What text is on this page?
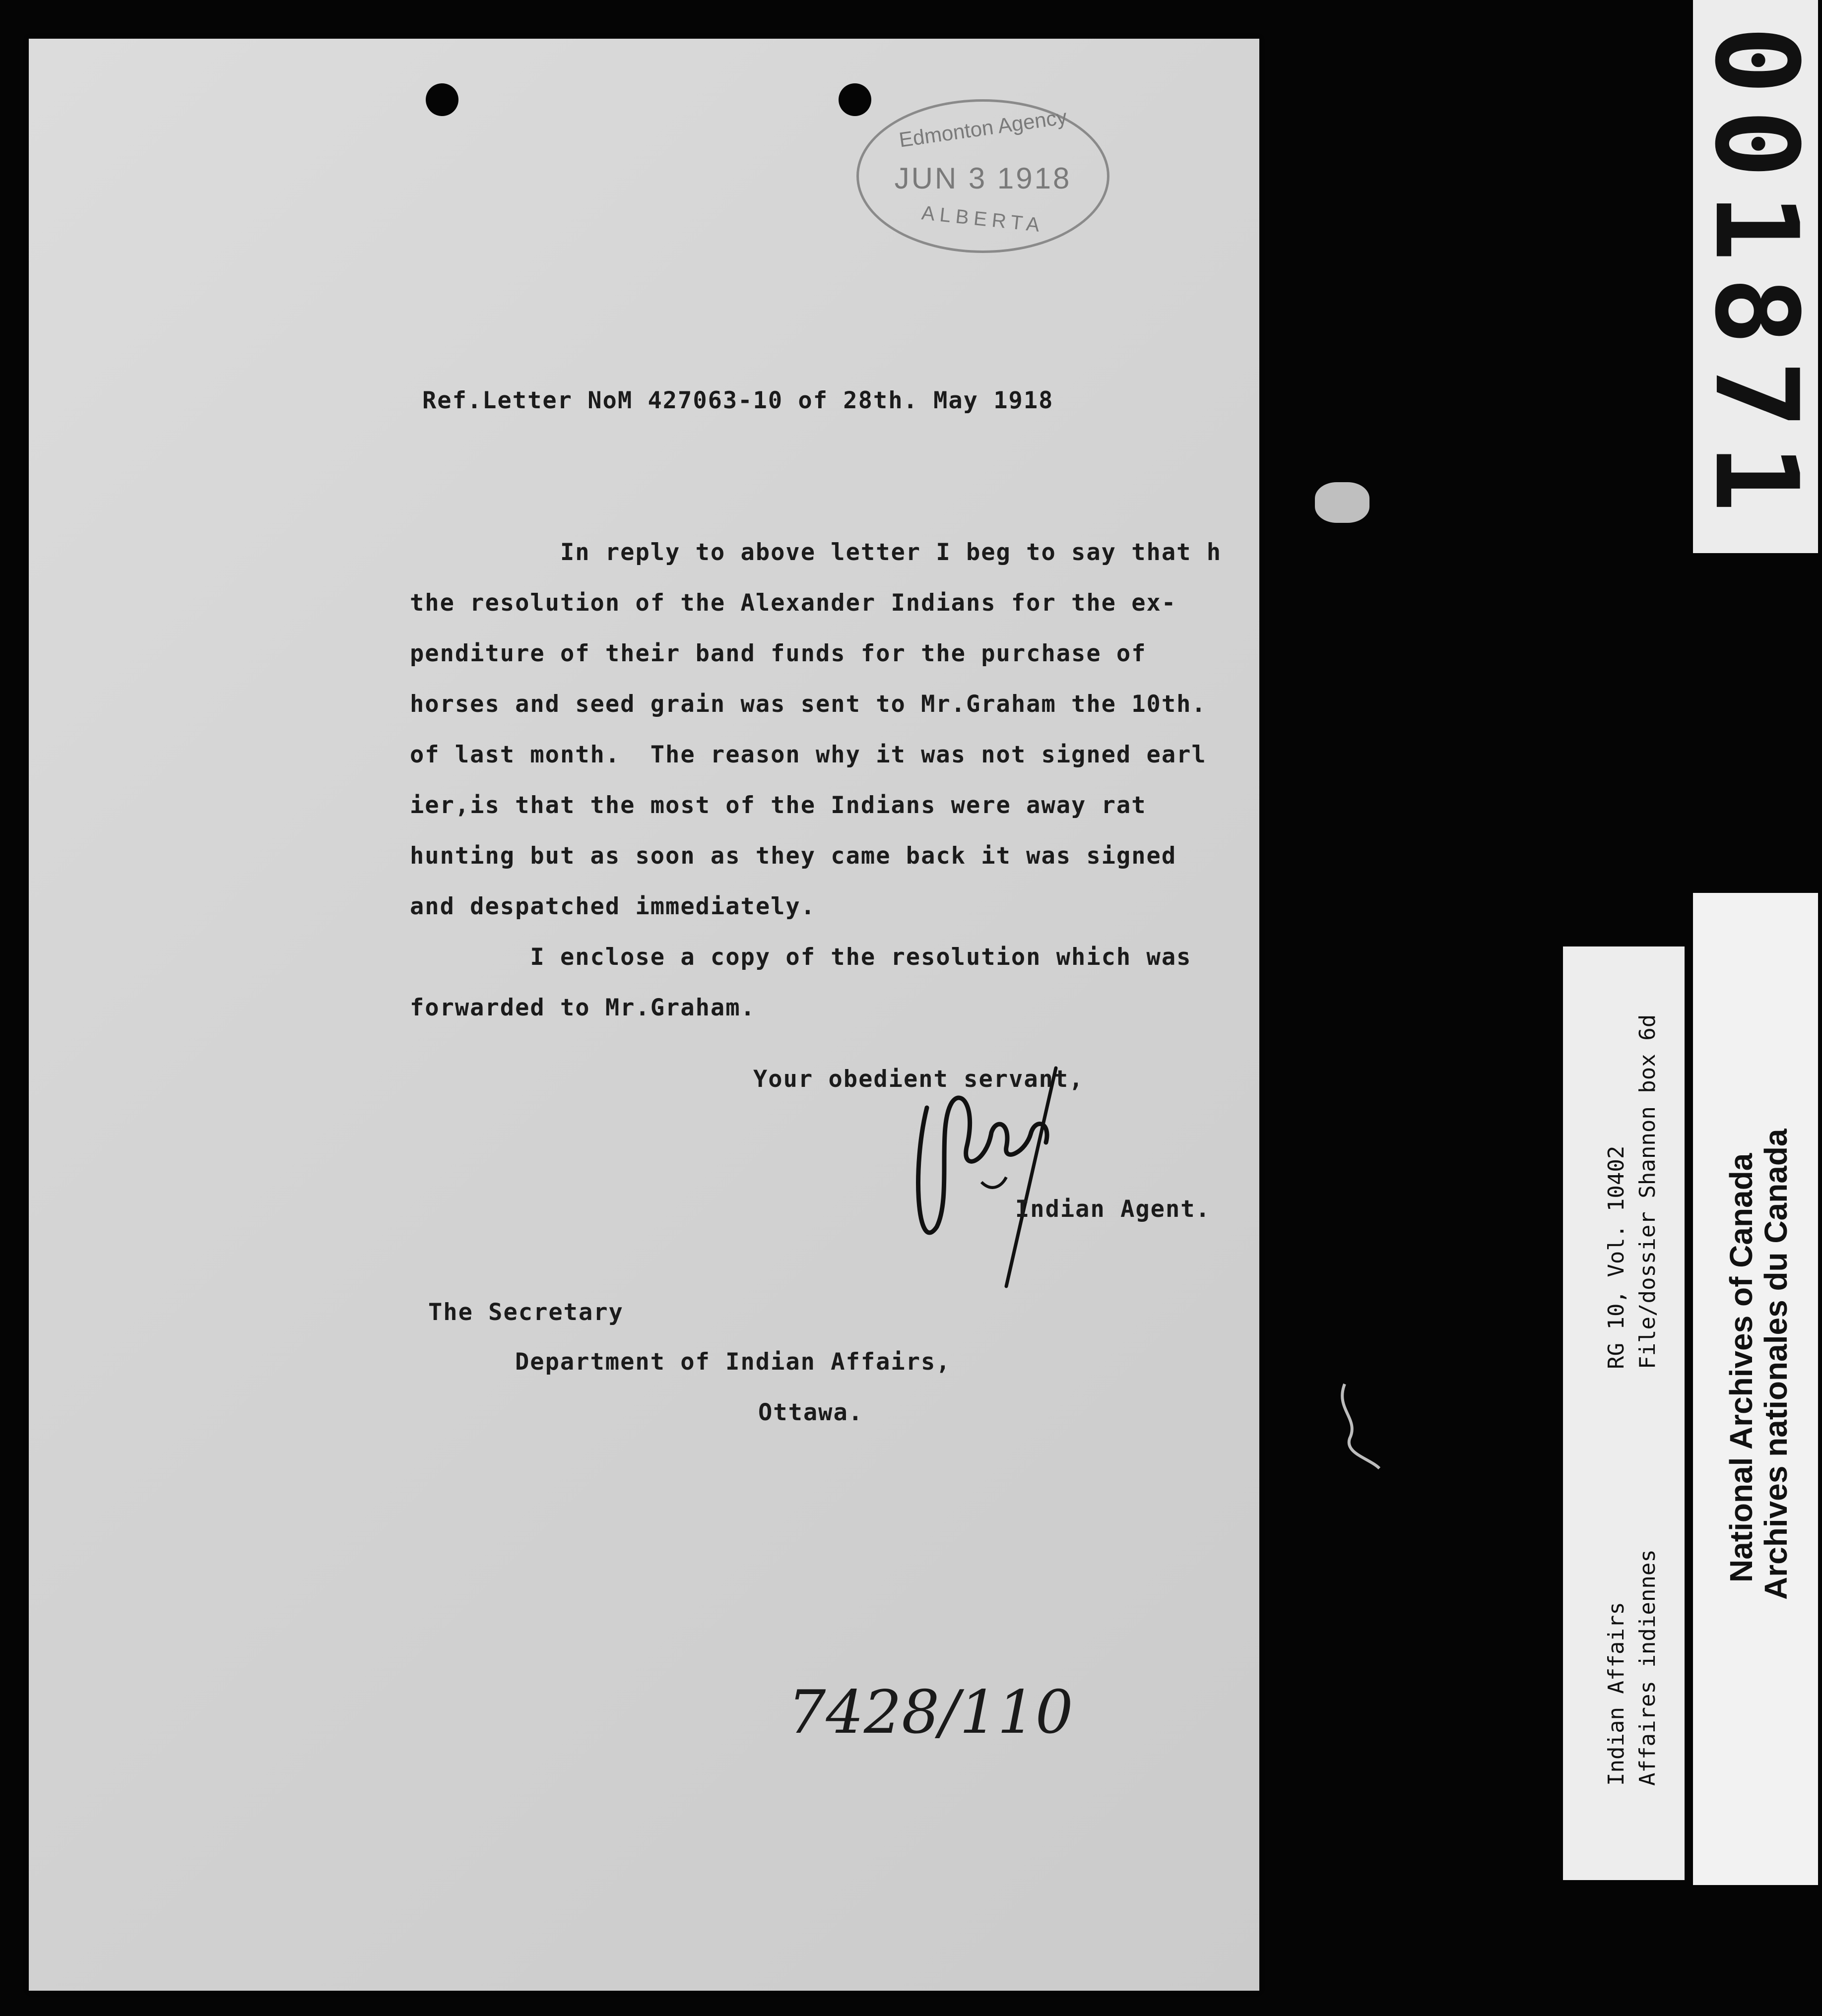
Edmonton Agency
JUN 3 1918
ALBERTA
Ref.Letter NoM 427063-10 of 28th. May 1918
In reply to above letter I beg to say that h
the resolution of the Alexander Indians for the ex-
penditure of their band funds for the purchase of
horses and seed grain was sent to Mr.Graham the 10th.
of last month.  The reason why it was not signed earl
ier,is that the most of the Indians were away rat
hunting but as soon as they came back it was signed
and despatched immediately.
I enclose a copy of the resolution which was
forwarded to Mr.Graham.
Your obedient servant,
Indian Agent.
The Secretary
Department of Indian Affairs,
Ottawa.
7428/110
001871
Indian Affairs Affaires indiennes
RG 10, Vol. 10402 File/dossier Shannon box 6d National Archives of Canada
Archives nationales du Canada
